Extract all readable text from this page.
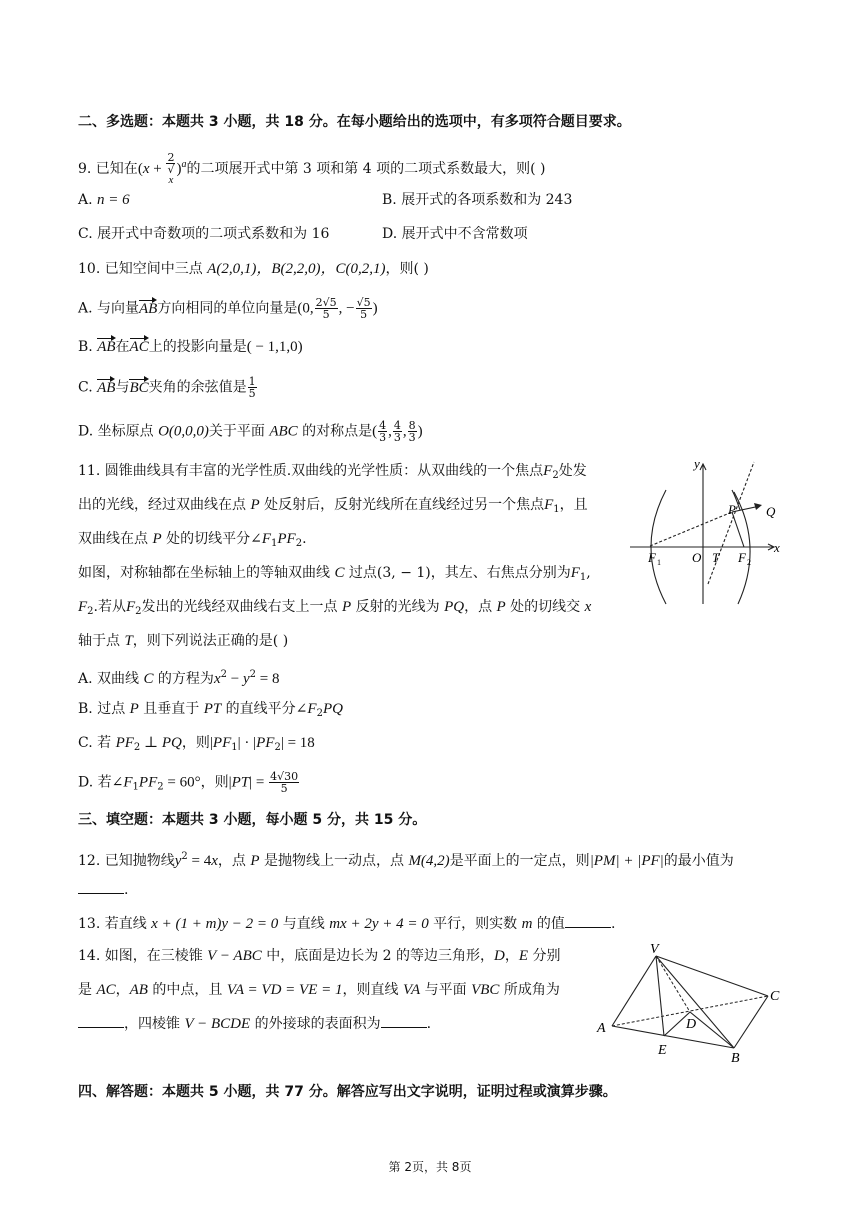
二、多选题：本题共 3 小题，共 18 分。在每小题给出的选项中，有多项符合题目要求。
9. 已知在(x + 2
√
x )$^a$的二项展开式中第 3 项和第 4 项的二项式系数最大，则( )
A. n = 6	B. 展开式的各项系数和为 243
C. 展开式中奇数项的二项式系数和为 16	D. 展开式中不含常数项
10. 已知空间中三点 A(2,0,1)，B(2,2,0)，C(0,2,1)，则( )
A. 与向量AB方向相同的单位向量是(0, $\frac{2√5}{5}$ , − $\frac{√5}{5}$ )
B. AB在AC上的投影向量是( − 1,1,0)
C. AB与BC夹角的余弦值是 $\frac{1}{5}$
D. 坐标原点 O(0,0,0)关于平面 ABC 的对称点是( $\frac{4}{3}$ , $\frac{4}{3}$ , $\frac{8}{3}$ )
11. 圆锥曲线具有丰富的光学性质.双曲线的光学性质：从双曲线的一个焦点$F_2$处发
出的光线，经过双曲线在点 P 处反射后，反射光线所在直线经过另一个焦点$F_1$，且
双曲线在点 P 处的切线平分$\angle F_1PF_2$.
如图，对称轴都在坐标轴上的等轴双曲线 C 过点(3, − 1)，其左、右焦点分别为$F_1$,
$F_2$.若从$F_2$发出的光线经双曲线右支上一点 P 反射的光线为 PQ，点 P 处的切线交 x
轴于点 T，则下列说法正确的是( )
A. 双曲线 C 的方程为$x^2 - y^2 = 8$
B. 过点 P 且垂直于 PT 的直线平分$\angle F_2PQ$
C. 若 $PF_2$ ⊥ PQ，则$|PF_1| \cdot |PF_2| = 18$
D. 若$\angle F_1PF_2 = 60^\circ$，则$|PT| = \frac{4√30}{5}$
y
x
O T
P Q
F 1	F 2
三、填空题：本题共 3 小题，每小题 5 分，共 15 分。
12. 已知抛物线$y^2 = 4x$，点 P 是抛物线上一动点，点 M(4,2)是平面上的一定点，则|PM| + |PF|的最小值为
.
13. 若直线 x + (1 + m)y − 2 = 0 与直线 mx + 2y + 4 = 0 平行，则实数 m 的值	.
14. 如图，在三棱锥 V − ABC 中，底面是边长为 2 的等边三角形，D，E 分别
是 AC，AB 的中点，且 VA = VD = VE = 1，则直线 VA 与平面 VBC 所成角为
，四棱锥 V − BCDE 的外接球的表面积为	.
V
A
B
C
D
E
四、解答题：本题共 5 小题，共 77 分。解答应写出文字说明，证明过程或演算步骤。
第 2页，共 8页
